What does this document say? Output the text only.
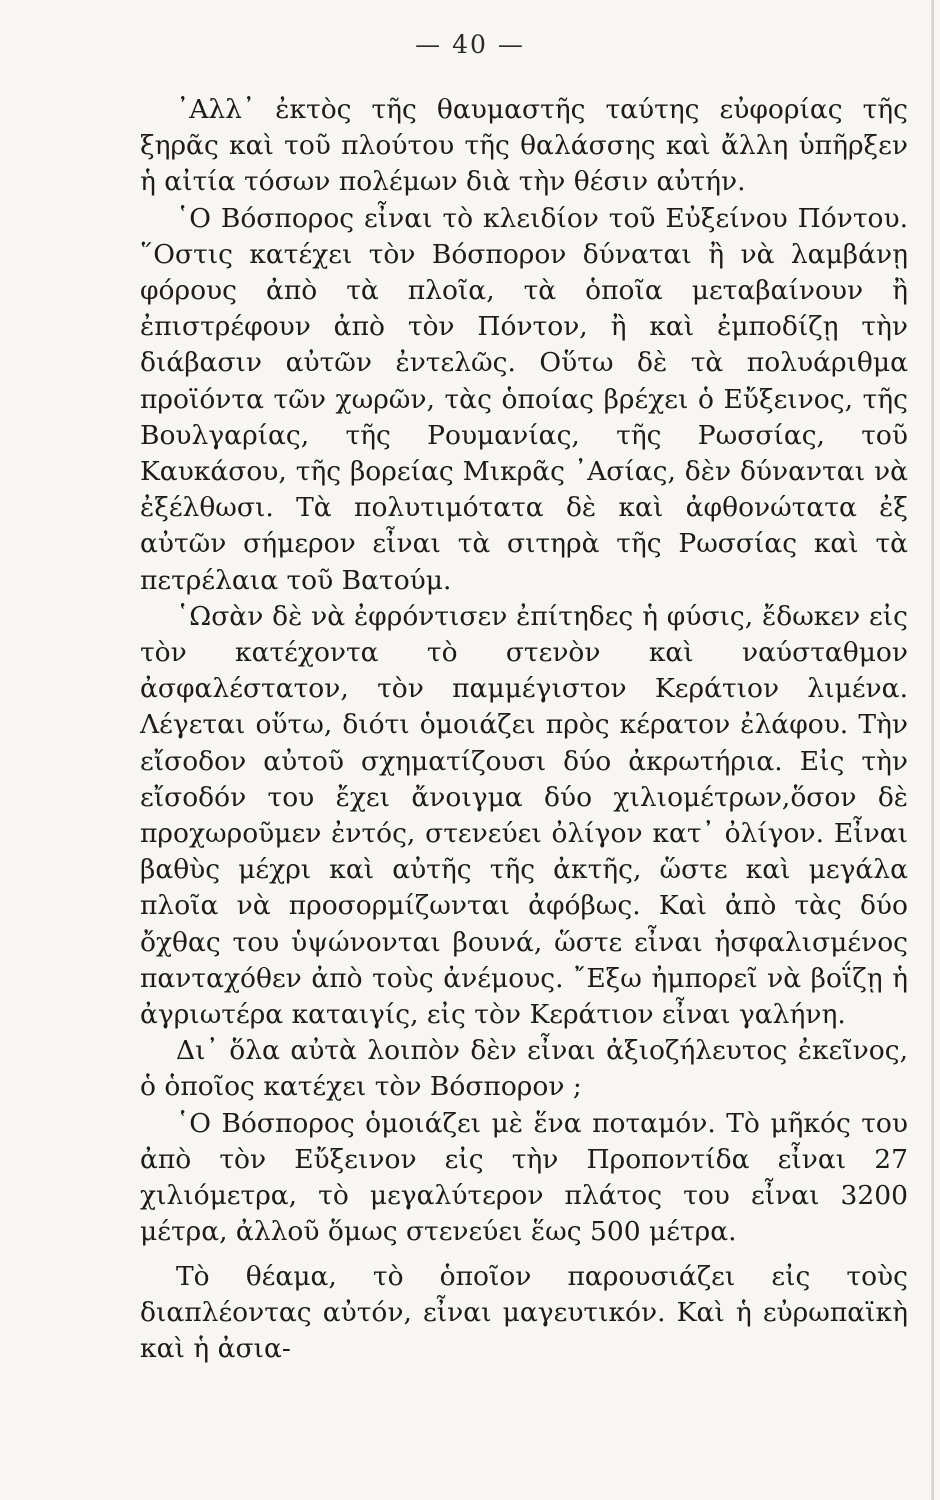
— 40 —

᾽Αλλ᾽ ἐκτὸς τῆς θαυμαστῆς ταύτης εὐφορίας τῆς ξηρᾶς καὶ τοῦ πλούτου τῆς θαλάσσης καὶ ἄλλη ὑπῆρξεν ἡ αἰτία τόσων πολέμων διὰ τὴν θέσιν αὐτήν.

῾Ο Βόσπορος εἶναι τὸ κλειδίον τοῦ Εὐξείνου Πόντου. ῞Οστις κατέχει τὸν Βόσπορον δύναται ἢ νὰ λαμβάνῃ φόρους ἀπὸ τὰ πλοῖα, τὰ ὁποῖα μεταβαίνουν ἢ ἐπιστρέφουν ἀπὸ τὸν Πόντον, ἢ καὶ ἐμποδίζῃ τὴν διάβασιν αὐτῶν ἐντελῶς. Οὕτω δὲ τὰ πολυάριθμα προϊόντα τῶν χωρῶν, τὰς ὁποίας βρέχει ὁ Εὔξεινος, τῆς Βουλγαρίας, τῆς Ρουμανίας, τῆς Ρωσσίας, τοῦ Καυκάσου, τῆς βορείας Μικρᾶς ᾽Ασίας, δὲν δύνανται νὰ ἐξέλθωσι. Τὰ πολυτιμότατα δὲ καὶ ἀφθονώτατα ἐξ αὐτῶν σήμερον εἶναι τὰ σιτηρὰ τῆς Ρωσσίας καὶ τὰ πετρέλαια τοῦ Βατούμ.

῾Ωσὰν δὲ νὰ ἐφρόντισεν ἐπίτηδες ἡ φύσις, ἔδωκεν εἰς τὸν κατέχοντα τὸ στενὸν καὶ ναύσταθμον ἀσφαλέστατον, τὸν παμμέγιστον Κεράτιον λιμένα. Λέγεται οὕτω, διότι ὁμοιάζει πρὸς κέρατον ἐλάφου. Τὴν εἴσοδον αὐτοῦ σχηματίζουσι δύο ἀκρωτήρια. Εἰς τὴν εἴσοδόν του ἔχει ἄνοιγμα δύο χιλιομέτρων,ὅσον δὲ προχωροῦμεν ἐντός, στενεύει ὀλίγον κατ᾽ ὀλίγον. Εἶναι βαθὺς μέχρι καὶ αὐτῆς τῆς ἀκτῆς, ὥστε καὶ μεγάλα πλοῖα νὰ προσορμίζωνται ἀφόβως. Καὶ ἀπὸ τὰς δύο ὄχθας του ὑψώνονται βουνά, ὥστε εἶναι ἠσφαλισμένος πανταχόθεν ἀπὸ τοὺς ἀνέμους. ῎Εξω ἠμπορεῖ νὰ βοΐζῃ ἡ ἀγριωτέρα καταιγίς, εἰς τὸν Κεράτιον εἶναι γαλήνη.

Δι᾽ ὅλα αὐτὰ λοιπὸν δὲν εἶναι ἀξιοζήλευτος ἐκεῖνος, ὁ ὁποῖος κατέχει τὸν Βόσπορον ;

῾Ο Βόσπορος ὁμοιάζει μὲ ἕνα ποταμόν. Τὸ μῆκός του ἀπὸ τὸν Εὔξεινον εἰς τὴν Προποντίδα εἶναι 27 χιλιόμετρα, τὸ μεγαλύτερον πλάτος του εἶναι 3200 μέτρα, ἀλλοῦ ὅμως στενεύει ἕως 500 μέτρα.

Τὸ θέαμα, τὸ ὁποῖον παρουσιάζει εἰς τοὺς διαπλέοντας αὐτόν, εἶναι μαγευτικόν. Καὶ ἡ εὐρωπαϊκὴ καὶ ἡ ἀσια-
